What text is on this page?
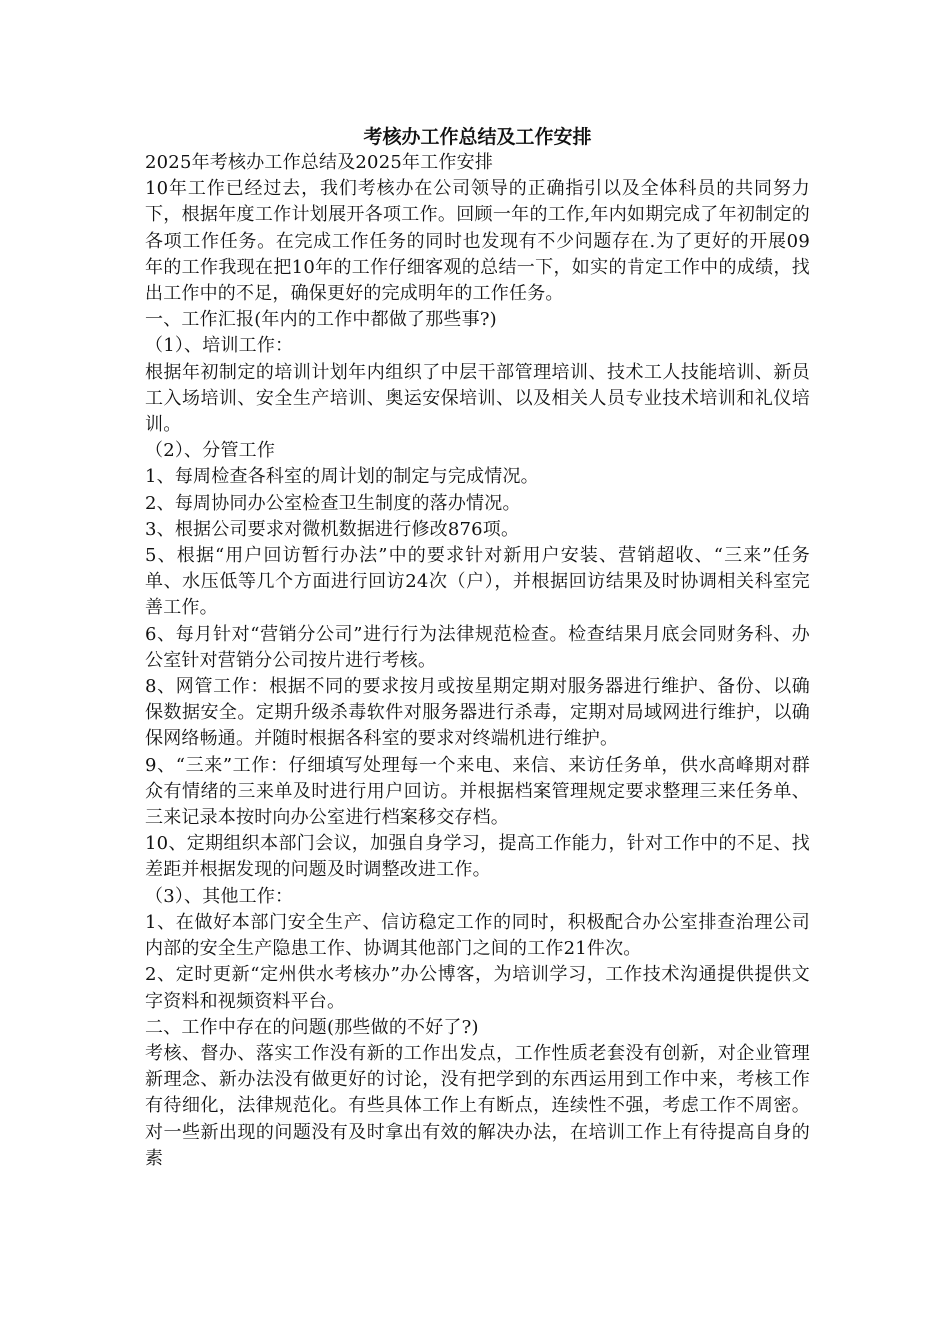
考核办工作总结及工作安排

2025年考核办工作总结及2025年工作安排

10年工作已经过去，我们考核办在公司领导的正确指引以及全体科员的共同努力下，根据年度工作计划展开各项工作。回顾一年的工作,年内如期完成了年初制定的各项工作任务。在完成工作任务的同时也发现有不少问题存在.为了更好的开展09年的工作我现在把10年的工作仔细客观的总结一下，如实的肯定工作中的成绩，找出工作中的不足，确保更好的完成明年的工作任务。

一、工作汇报(年内的工作中都做了那些事?)

（1）、培训工作：

根据年初制定的培训计划年内组织了中层干部管理培训、技术工人技能培训、新员工入场培训、安全生产培训、奥运安保培训、以及相关人员专业技术培训和礼仪培训。

（2）、分管工作

1、每周检查各科室的周计划的制定与完成情况。

2、每周协同办公室检查卫生制度的落办情况。

3、根据公司要求对微机数据进行修改876项。

5、根据“用户回访暂行办法”中的要求针对新用户安装、营销超收、“三来”任务单、水压低等几个方面进行回访24次（户），并根据回访结果及时协调相关科室完善工作。

6、每月针对“营销分公司”进行行为法律规范检查。检查结果月底会同财务科、办公室针对营销分公司按片进行考核。

8、网管工作：根据不同的要求按月或按星期定期对服务器进行维护、备份、以确保数据安全。定期升级杀毒软件对服务器进行杀毒，定期对局域网进行维护，以确保网络畅通。并随时根据各科室的要求对终端机进行维护。

9、“三来”工作：仔细填写处理每一个来电、来信、来访任务单，供水高峰期对群众有情绪的三来单及时进行用户回访。并根据档案管理规定要求整理三来任务单、三来记录本按时向办公室进行档案移交存档。

10、定期组织本部门会议，加强自身学习，提高工作能力，针对工作中的不足、找差距并根据发现的问题及时调整改进工作。

（3）、其他工作：

1、在做好本部门安全生产、信访稳定工作的同时，积极配合办公室排查治理公司内部的安全生产隐患工作、协调其他部门之间的工作21件次。

2、定时更新“定州供水考核办”办公博客，为培训学习，工作技术沟通提供提供文字资料和视频资料平台。

二、工作中存在的问题(那些做的不好了?)

考核、督办、落实工作没有新的工作出发点，工作性质老套没有创新，对企业管理新理念、新办法没有做更好的讨论，没有把学到的东西运用到工作中来，考核工作有待细化，法律规范化。有些具体工作上有断点，连续性不强，考虑工作不周密。对一些新出现的问题没有及时拿出有效的解决办法，在培训工作上有待提高自身的素
